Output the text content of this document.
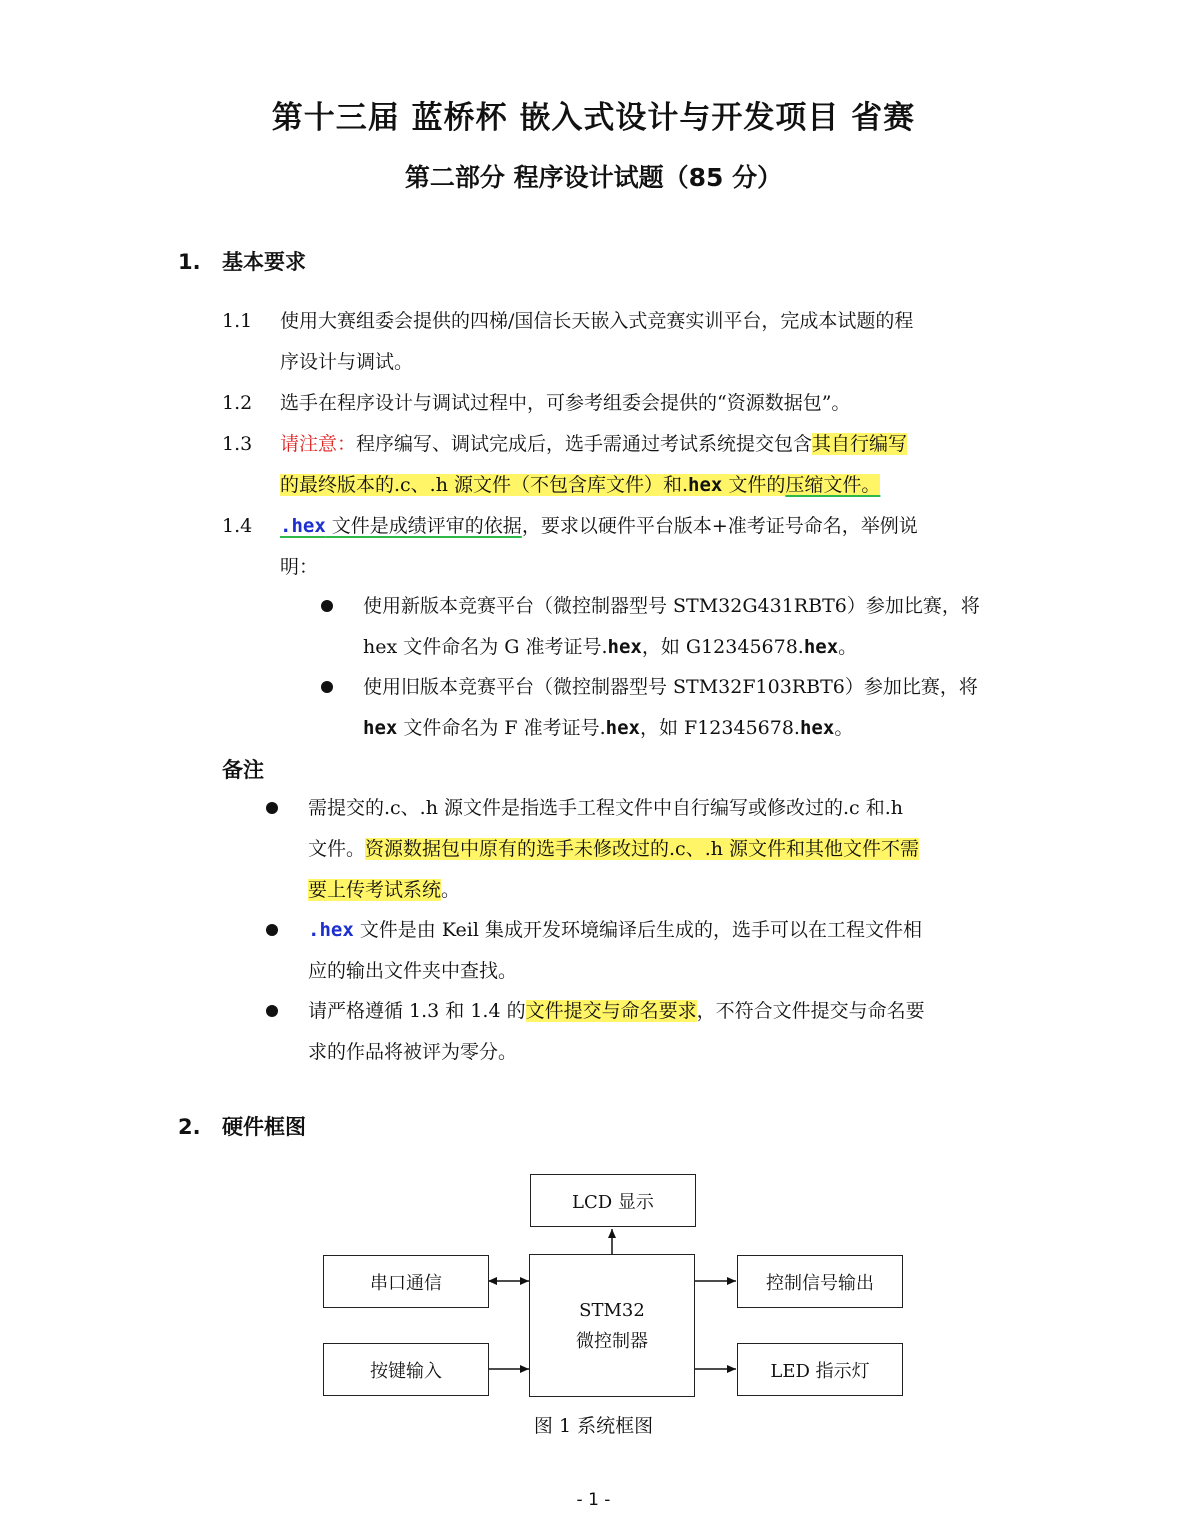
第十三届 蓝桥杯 嵌入式设计与开发项目 省赛
第二部分 程序设计试题（85 分）
1. 基本要求
1.1 使用大赛组委会提供的四梯/国信长天嵌入式竞赛实训平台，完成本试题的程
序设计与调试。
1.2 选手在程序设计与调试过程中，可参考组委会提供的“资源数据包”。
1.3 请注意：程序编写、调试完成后，选手需通过考试系统提交包含其自行编写
的最终版本的.c、.h 源文件（不包含库文件）和.hex 文件的压缩文件。
1.4 .hex 文件是成绩评审的依据，要求以硬件平台版本+准考证号命名，举例说
明：
使用新版本竞赛平台（微控制器型号 STM32G431RBT6）参加比赛，将
hex 文件命名为 G 准考证号.hex，如 G12345678.hex。
使用旧版本竞赛平台（微控制器型号 STM32F103RBT6）参加比赛，将
hex 文件命名为 F 准考证号.hex，如 F12345678.hex。
备注
需提交的.c、.h 源文件是指选手工程文件中自行编写或修改过的.c 和.h
文件。资源数据包中原有的选手未修改过的.c、.h 源文件和其他文件不需
要上传考试系统。
.hex 文件是由 Keil 集成开发环境编译后生成的，选手可以在工程文件相
应的输出文件夹中查找。
请严格遵循 1.3 和 1.4 的文件提交与命名要求，不符合文件提交与命名要
求的作品将被评为零分。
2. 硬件框图
LCD 显示
串口通信
按键输入
STM32
微控制器
控制信号输出
LED 指示灯
图 1 系统框图
- 1 -
